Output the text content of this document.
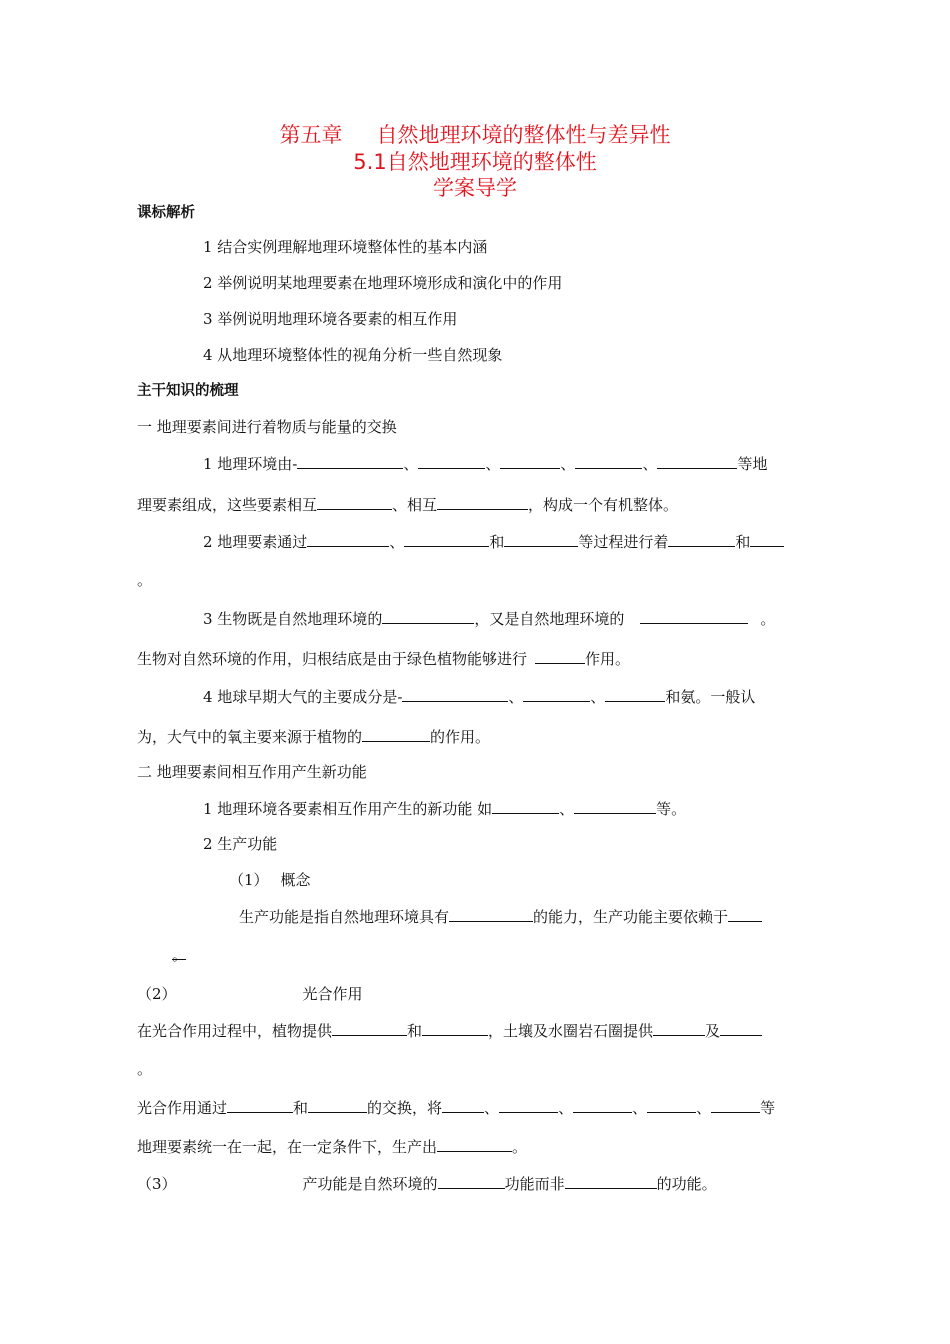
第五章 自然地理环境的整体性与差异性
5.1自然地理环境的整体性
学案导学
课标解析
1 结合实例理解地理环境整体性的基本内涵
2 举例说明某地理要素在地理环境形成和演化中的作用
3 举例说明地理环境各要素的相互作用
4 从地理环境整体性的视角分析一些自然现象
主干知识的梳理
一 地理要素间进行着物质与能量的交换
1 地理环境由-	、	、	、	、	等地
理要素组成，这些要素相互	、相互	，构成一个有机整体。
2 地理要素通过	、	和	等过程进行着	和
。
3 生物既是自然地理环境的	，又是自然地理环境的	。
生物对自然环境的作用，归根结底是由于绿色植物能够进行	作用。
4 地球早期大气的主要成分是-	、	、	和氨。一般认
为，大气中的氧主要来源于植物的	的作用。
二 地理要素间相互作用产生新功能
1 地理环境各要素相互作用产生的新功能 如	、	等。
2 生产功能
（1） 概念
生产功能是指自然地理环境具有	的能力，生产功能主要依赖于
。
（2）	光合作用
在光合作用过程中，植物提供	和	，土壤及水圈岩石圈提供	及
。
光合作用通过	和	的交换，将	、	、	、	、	等
地理要素统一在一起，在一定条件下，生产出	。
（3）	产功能是自然环境的	功能而非	的功能。
